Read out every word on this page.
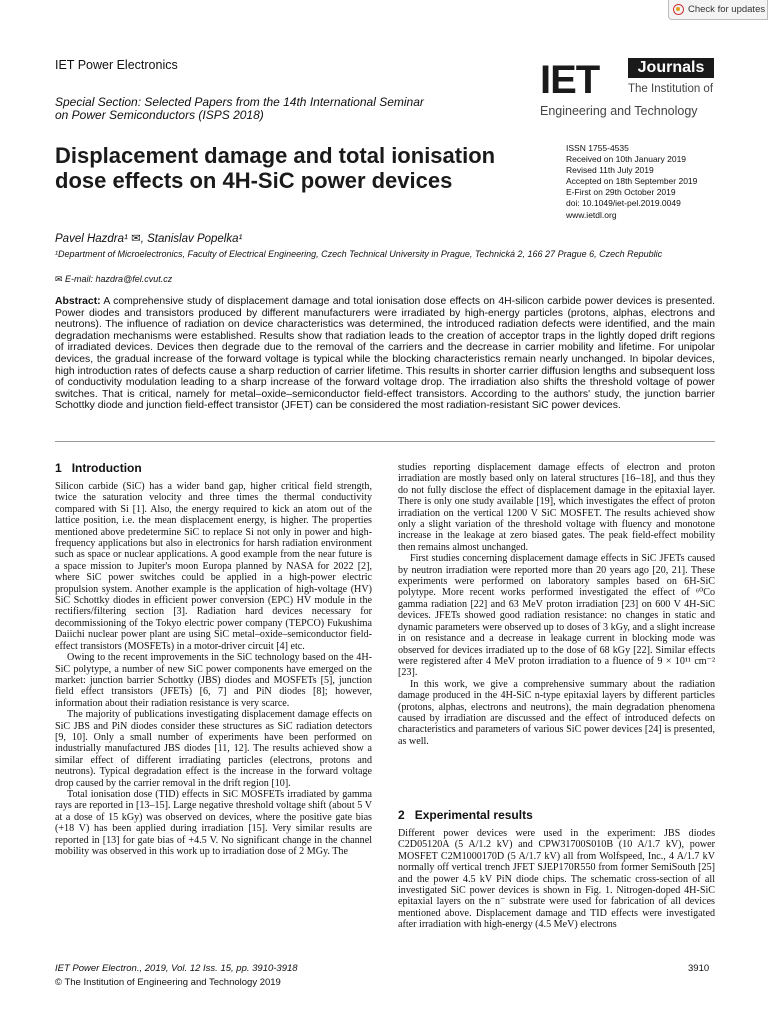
Check for updates
IET Power Electronics
Special Section: Selected Papers from the 14th International Seminar on Power Semiconductors (ISPS 2018)
IET	Journals
The Institution of
Engineering and Technology
Displacement damage and total ionisation dose effects on 4H-SiC power devices
ISSN 1755-4535
Received on 10th January 2019
Revised 11th July 2019
Accepted on 18th September 2019
E-First on 29th October 2019
doi: 10.1049/iet-pel.2019.0049
www.ietdl.org
Pavel Hazdra¹ ✉, Stanislav Popelka¹
¹Department of Microelectronics, Faculty of Electrical Engineering, Czech Technical University in Prague, Technická 2, 166 27 Prague 6, Czech Republic
✉ E-mail: hazdra@fel.cvut.cz
Abstract: A comprehensive study of displacement damage and total ionisation dose effects on 4H-silicon carbide power devices is presented. Power diodes and transistors produced by different manufacturers were irradiated by high-energy particles (protons, alphas, electrons and neutrons). The influence of radiation on device characteristics was determined, the introduced radiation defects were identified, and the main degradation mechanisms were established. Results show that radiation leads to the creation of acceptor traps in the lightly doped drift regions of irradiated devices. Devices then degrade due to the removal of the carriers and the decrease in carrier mobility and lifetime. For unipolar devices, the gradual increase of the forward voltage is typical while the blocking characteristics remain nearly unchanged. In bipolar devices, high introduction rates of defects cause a sharp reduction of carrier lifetime. This results in shorter carrier diffusion lengths and subsequent loss of conductivity modulation leading to a sharp increase of the forward voltage drop. The irradiation also shifts the threshold voltage of power switches. That is critical, namely for metal–oxide–semiconductor field-effect transistors. According to the authors' study, the junction barrier Schottky diode and junction field-effect transistor (JFET) can be considered the most radiation-resistant SiC power devices.
1 Introduction

Silicon carbide (SiC) has a wider band gap, higher critical field strength, twice the saturation velocity and three times the thermal conductivity compared with Si [1]. Also, the energy required to kick an atom out of the lattice position, i.e. the mean displacement energy, is higher. The properties mentioned above predetermine SiC to replace Si not only in power and high-frequency applications but also in electronics for harsh radiation environment such as space or nuclear applications. A good example from the near future is a space mission to Jupiter's moon Europa planned by NASA for 2022 [2], where SiC power switches could be applied in a high-power electric propulsion system. Another example is the application of high-voltage (HV) SiC Schottky diodes in efficient power conversion (EPC) HV module in the rectifiers/filtering section [3]. Radiation hard devices necessary for decommissioning of the Tokyo electric power company (TEPCO) Fukushima Daiichi nuclear power plant are using SiC metal–oxide–semiconductor field-effect transistors (MOSFETs) in a motor-driver circuit [4] etc.

Owing to the recent improvements in the SiC technology based on the 4H-SiC polytype, a number of new SiC power components have emerged on the market: junction barrier Schottky (JBS) diodes and MOSFETs [5], junction field effect transistors (JFETs) [6, 7] and PiN diodes [8]; however, information about their radiation resistance is very scarce.

The majority of publications investigating displacement damage effects on SiC JBS and PiN diodes consider these structures as SiC radiation detectors [9, 10]. Only a small number of experiments have been performed on industrially manufactured JBS diodes [11, 12]. The results achieved show a similar effect of different irradiating particles (electrons, protons and neutrons). Typical degradation effect is the increase in the forward voltage drop caused by the carrier removal in the drift region [10].

Total ionisation dose (TID) effects in SiC MOSFETs irradiated by gamma rays are reported in [13–15]. Large negative threshold voltage shift (about 5 V at a dose of 15 kGy) was observed on devices, where the positive gate bias (+18 V) has been applied during irradiation [15]. Very similar results are reported in [13] for gate bias of +4.5 V. No significant change in the channel mobility was observed in this work up to irradiation dose of 2 MGy. The

studies reporting displacement damage effects of electron and proton irradiation are mostly based only on lateral structures [16–18], and thus they do not fully disclose the effect of displacement damage in the epitaxial layer. There is only one study available [19], which investigates the effect of proton irradiation on the vertical 1200 V SiC MOSFET. The results achieved show only a slight variation of the threshold voltage with fluency and monotone increase in the leakage at zero biased gates. The peak field-effect mobility then remains almost unchanged.

First studies concerning displacement damage effects in SiC JFETs caused by neutron irradiation were reported more than 20 years ago [20, 21]. These experiments were performed on laboratory samples based on 6H-SiC polytype. More recent works performed investigated the effect of ⁶⁰Co gamma radiation [22] and 63 MeV proton irradiation [23] on 600 V 4H-SiC devices. JFETs showed good radiation resistance: no changes in static and dynamic parameters were observed up to doses of 3 kGy, and a slight increase in on resistance and a decrease in leakage current in blocking mode was observed for devices irradiated up to the dose of 68 kGy [22]. Similar effects were registered after 4 MeV proton irradiation to a fluence of 9 × 10¹¹ cm⁻² [23].

In this work, we give a comprehensive summary about the radiation damage produced in the 4H-SiC n-type epitaxial layers by different particles (protons, alphas, electrons and neutrons), the main degradation phenomena caused by irradiation are discussed and the effect of introduced defects on characteristics and parameters of various SiC power devices [24] is presented, as well.

2 Experimental results

Different power devices were used in the experiment: JBS diodes C2D05120A (5 A/1.2 kV) and CPW31700S010B (10 A/1.7 kV), power MOSFET C2M1000170D (5 A/1.7 kV) all from Wolfspeed, Inc., 4 A/1.7 kV normally off vertical trench JFET SJEP170R550 from former SemiSouth [25] and the power 4.5 kV PiN diode chips. The schematic cross-section of all investigated SiC power devices is shown in Fig. 1. Nitrogen-doped 4H-SiC epitaxial layers on the n⁻ substrate were used for fabrication of all devices mentioned above. Displacement damage and TID effects were investigated after irradiation with high-energy (4.5 MeV) electrons

IET Power Electron., 2019, Vol. 12 Iss. 15, pp. 3910-3918
© The Institution of Engineering and Technology 2019
3910
